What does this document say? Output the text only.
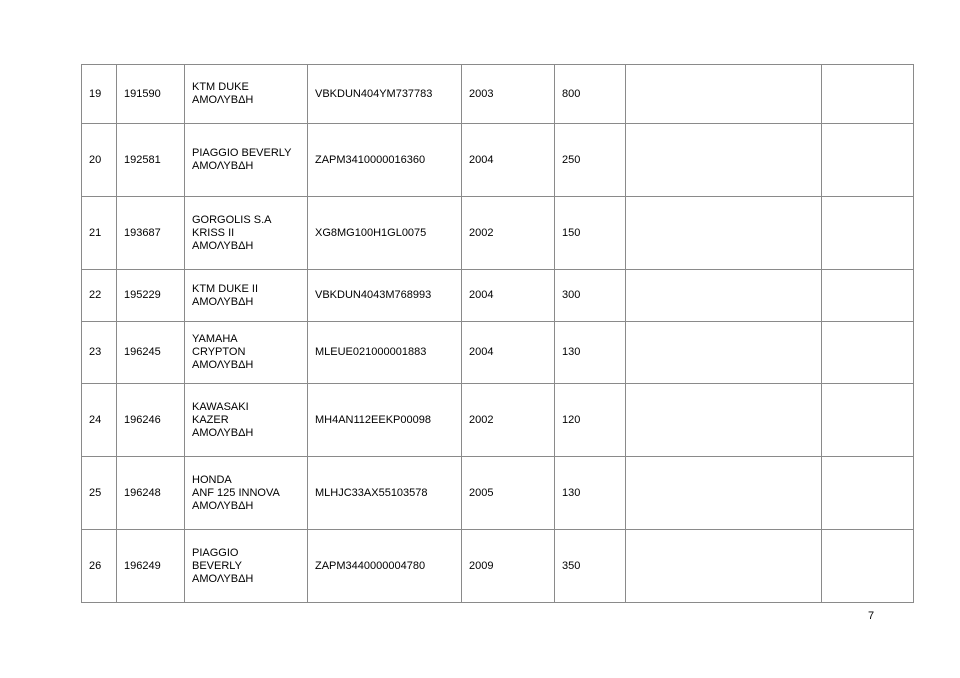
19	191590	KTM DUKE
ΑΜΟΛΥΒΔΗ	VBKDUN404YM737783	2003	800		
20	192581	PIAGGIO BEVERLY
ΑΜΟΛΥΒΔΗ	ZAPM3410000016360	2004	250		
21	193687	GORGOLIS S.A
KRISS II
ΑΜΟΛΥΒΔΗ	XG8MG100H1GL0075	2002	150		
22	195229	KTM DUKE II
ΑΜΟΛΥΒΔΗ	VBKDUN4043M768993	2004	300		
23	196245	YAMAHA
CRYPTON
ΑΜΟΛΥΒΔΗ	MLEUE021000001883	2004	130		
24	196246	KAWASAKI
KAZER
ΑΜΟΛΥΒΔΗ	MH4AN112EEKP00098	2002	120		
25	196248	HONDA
ANF 125 INNOVA
ΑΜΟΛΥΒΔΗ	MLHJC33AX55103578	2005	130		
26	196249	PIAGGIO
BEVERLY
ΑΜΟΛΥΒΔΗ	ZAPM3440000004780	2009	350		
7
